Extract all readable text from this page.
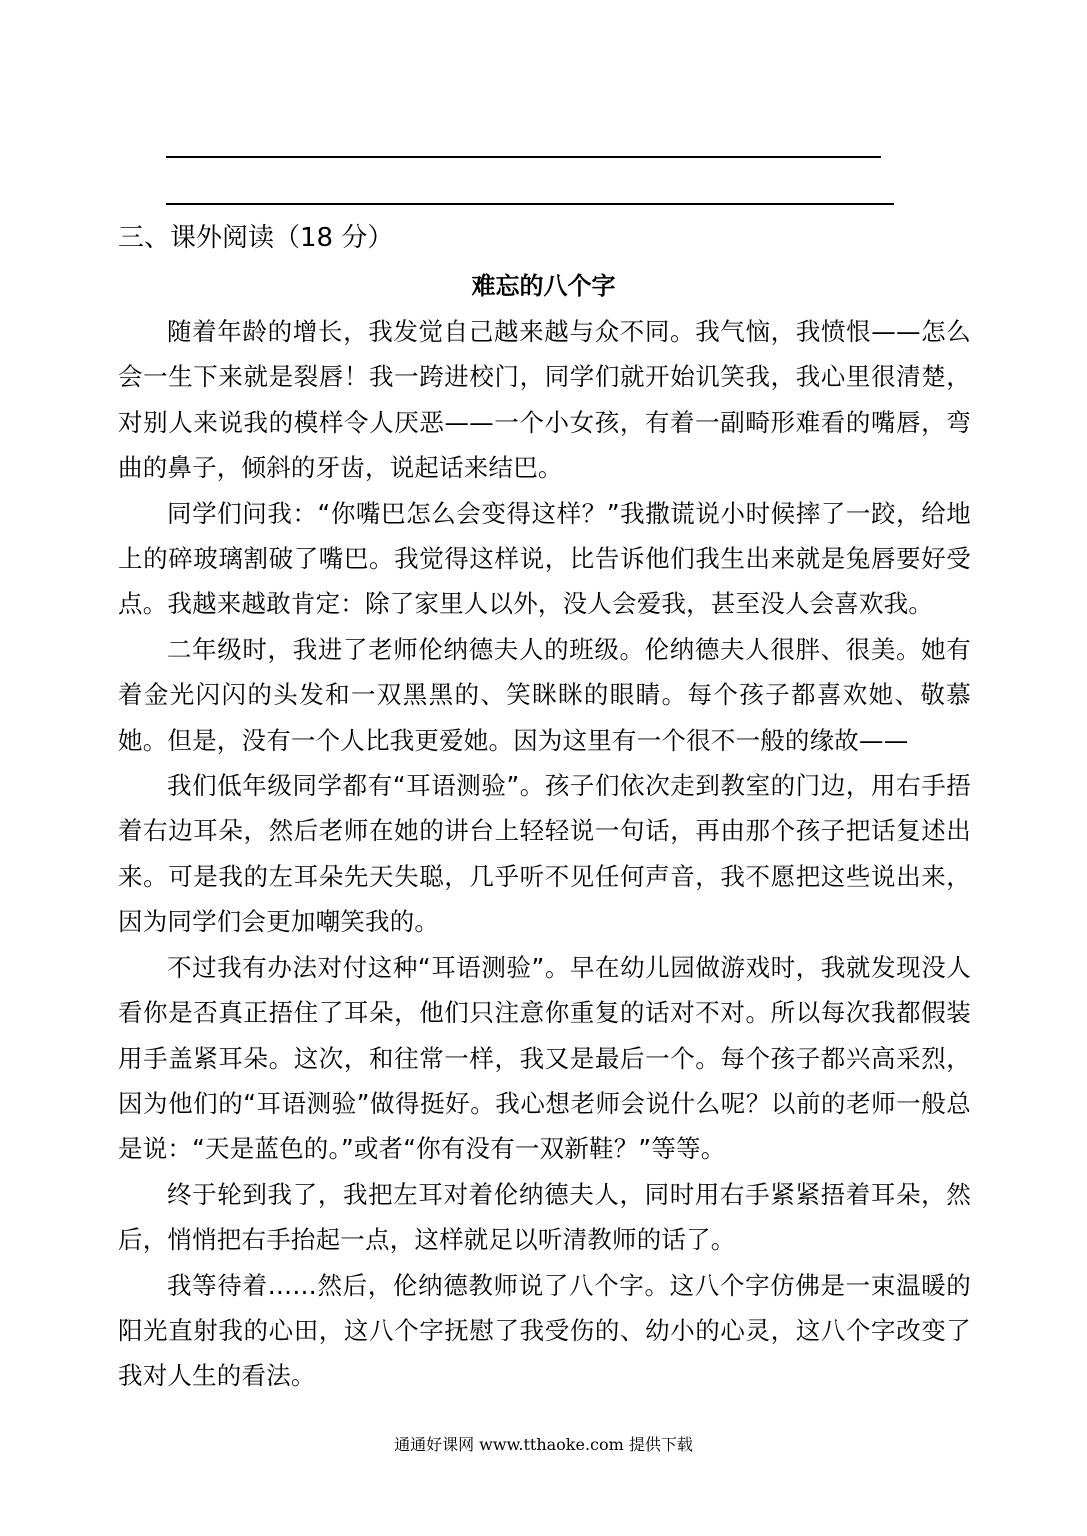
三、课外阅读（18 分）
难忘的八个字

随着年龄的增长，我发觉自己越来越与众不同。我气恼，我愤恨——怎么会一生下来就是裂唇！我一跨进校门，同学们就开始讥笑我，我心里很清楚，对别人来说我的模样令人厌恶——一个小女孩，有着一副畸形难看的嘴唇，弯曲的鼻子，倾斜的牙齿，说起话来结巴。

同学们问我：“你嘴巴怎么会变得这样？”我撒谎说小时候摔了一跤，给地上的碎玻璃割破了嘴巴。我觉得这样说，比告诉他们我生出来就是兔唇要好受点。我越来越敢肯定：除了家里人以外，没人会爱我，甚至没人会喜欢我。

二年级时，我进了老师伦纳德夫人的班级。伦纳德夫人很胖、很美。她有着金光闪闪的头发和一双黑黑的、笑眯眯的眼睛。每个孩子都喜欢她、敬慕她。但是，没有一个人比我更爱她。因为这里有一个很不一般的缘故——

我们低年级同学都有“耳语测验”。孩子们依次走到教室的门边，用右手捂着右边耳朵，然后老师在她的讲台上轻轻说一句话，再由那个孩子把话复述出来。可是我的左耳朵先天失聪，几乎听不见任何声音，我不愿把这些说出来，因为同学们会更加嘲笑我的。

不过我有办法对付这种“耳语测验”。早在幼儿园做游戏时，我就发现没人看你是否真正捂住了耳朵，他们只注意你重复的话对不对。所以每次我都假装用手盖紧耳朵。这次，和往常一样，我又是最后一个。每个孩子都兴高采烈，因为他们的“耳语测验”做得挺好。我心想老师会说什么呢？以前的老师一般总是说：“天是蓝色的。”或者“你有没有一双新鞋？”等等。

终于轮到我了，我把左耳对着伦纳德夫人，同时用右手紧紧捂着耳朵，然后，悄悄把右手抬起一点，这样就足以听清教师的话了。

我等待着……然后，伦纳德教师说了八个字。这八个字仿佛是一束温暖的阳光直射我的心田，这八个字抚慰了我受伤的、幼小的心灵，这八个字改变了我对人生的看法。

通通好课网 www.tthaoke.com 提供下载
